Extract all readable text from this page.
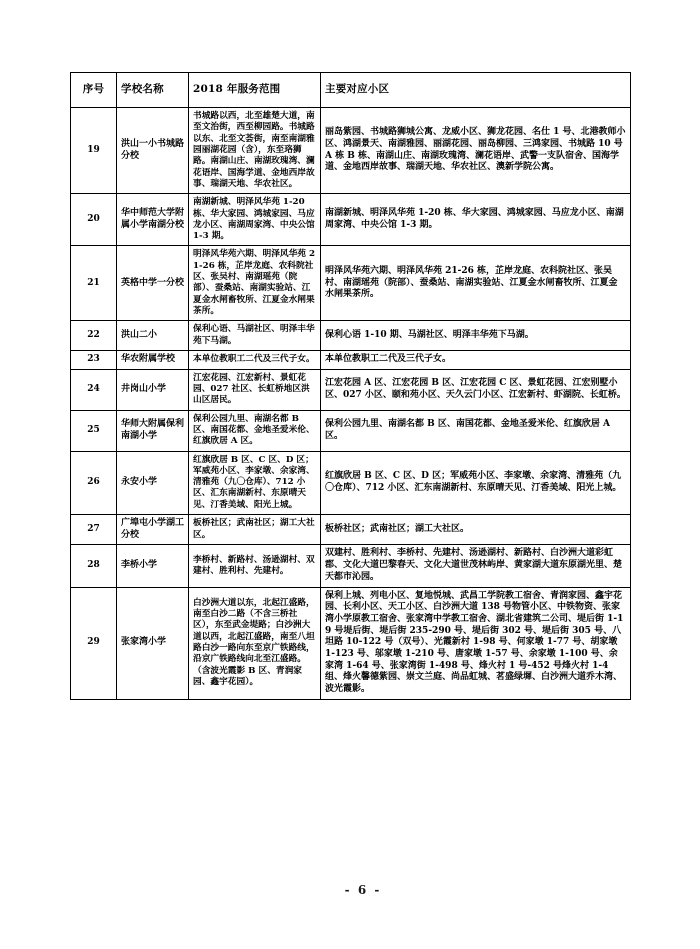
序号	学校名称	2018 年服务范围	主要对应小区
19	洪山一小书城路分校	书城路以西，北至雄楚大道，南至文治街，西至柳园路。书城路以东、北至文荟街，南至南湖雅园丽湖花园（含），东至珞狮路。南湖山庄、南湖玫瑰湾、澜花语岸、国海学道、金地西岸故事、瑞湖天地、华农社区。	丽岛紫园、书城路狮城公寓、龙威小区、狮龙花园、名仕 1 号、北港教师小区、鸿湖景天、南湖雅园、丽湖花园、丽岛柳园、三鸿家园、书城路 10 号 A 栋 B 栋、南湖山庄、南湖玫瑰湾、澜花语岸、武警一支队宿舍、国海学道、金地西岸故事、瑞湖天地、华农社区、澳新学院公寓。
20	华中师范大学附属小学南湖分校	南湖新城、明泽风华苑 1-20 栋、华大家园、鸿城家园、马应龙小区、南湖周家湾、中央公馆 1-3 期。	南湖新城、明泽风华苑 1-20 栋、华大家园、鸿城家园、马应龙小区、南湖周家湾、中央公馆 1-3 期。
21	英格中学一分校	明泽风华苑六期、明泽风华苑 21-26 栋，芷岸龙庭、农科院社区、张吴村、南湖瑶苑（院部）、蚕桑站、南湖实验站、江夏金水闸畜牧所、江夏金水闸果茶所。	明泽风华苑六期、明泽风华苑 21-26 栋，芷岸龙庭、农科院社区、张吴村、南湖瑶苑（院部）、蚕桑站、南湖实验站、江夏金水闸畜牧所、江夏金水闸果茶所。
22	洪山二小	保利心语、马湖社区、明泽丰华苑下马湖。	保利心语 1-10 期、马湖社区、明泽丰华苑下马湖。
23	华农附属学校	本单位教职工二代及三代子女。	本单位教职工二代及三代子女。
24	井岗山小学	江宏花园、江宏新村、景虹花园、027 社区、长虹桥地区洪山区居民。	江宏花园 A 区、江宏花园 B 区、江宏花园 C 区、景虹花园、江宏别墅小区、027 小区、颐和苑小区、天久云门小区、江宏新村、虾湖院、长虹桥。
25	华师大附属保利南湖小学	保利公园九里、南湖名都 B 区、南国花都、金地圣爱米伦、红旗欣居 A 区。	保利公园九里、南湖名都 B 区、南国花都、金地圣爱米伦、红旗欣居 A 区。
26	永安小学	红旗欣居 B 区、C 区、D 区；军威苑小区、李家墩、余家湾、清雅苑（九〇仓库）、712 小区、汇东南湖新村、东原晴天见、汀香美域、阳光上城。	红旗欣居 B 区、C 区、D 区；军威苑小区、李家墩、余家湾、清雅苑（九〇仓库）、712 小区、汇东南湖新村、东原晴天见、汀香美域、阳光上城。
27	广埠屯小学湖工分校	板桥社区；武南社区；湖工大社区。	板桥社区；武南社区；湖工大社区。
28	李桥小学	李桥村、新路村、汤逊湖村、双建村、胜利村、先建村。	双建村、胜利村、李桥村、先建村、汤逊湖村、新路村、白沙洲大道彩虹郡、文化大道巴黎春天、文化大道世茂林屿岸、黄家湖大道东原湖光里、楚天都市沁园。
29	张家湾小学	白沙洲大道以东，北起江盛路，南至白沙二路（不含三桥社区），东至武金堤路；白沙洲大道以西，北起江盛路，南至八坦路白沙一路向东至京广铁路线，沿京广铁路线向北至江盛路。（含波光霞影 B 区、青润家园、鑫宇花园）。	保利上城、列电小区、复地悦城、武昌工学院教工宿舍、青润家园、鑫宇花园、长利小区、天工小区、白沙洲大道 138 号物管小区、中铁物资、张家湾小学原教工宿舍、张家湾中学教工宿舍、湖北省建筑二公司、堤后街 1-19 号堤后街、堤后街 235-290 号、堤后街 302 号、堤后街 305 号、八坦路 10-122 号（双号）、光霞新村 1-98 号、何家墩 1-77 号、胡家墩 1-123 号、邬家墩 1-210 号、唐家墩 1-57 号、余家墩 1-100 号、余家湾 1-64 号、张家湾街 1-498 号、烽火村 1 号-452 号烽火村 1-4 组、烽火馨德紫园、崇文兰庭、尚品虹城、茗盛绿墀、白沙洲大道乔木湾、波光霞影。
- 6 -
